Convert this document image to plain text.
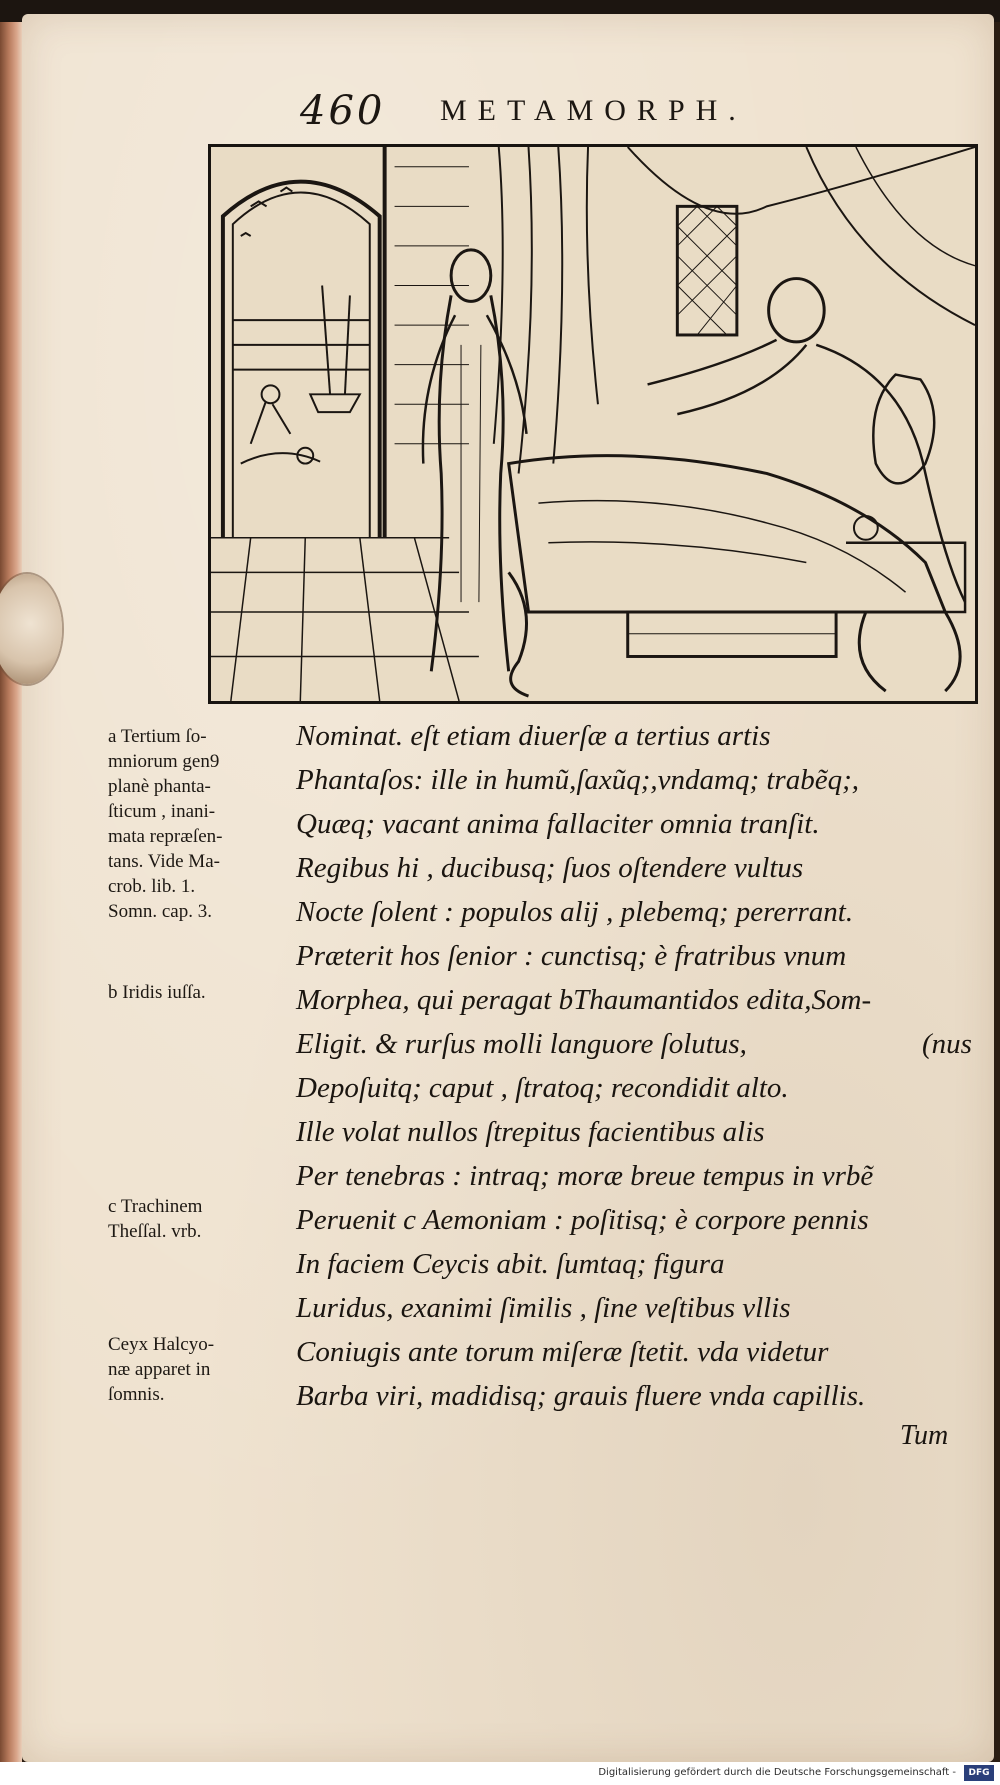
460 METAMORPH.
a Tertium ſo-
mniorum gen9
planè phanta-
ſticum , inani-
mata repræſen-
tans. Vide Ma-
crob. lib. 1.
Somn. cap. 3.
b Iridis iuſſa.
c Trachinem
Theſſal. vrb.
Ceyx Halcyo-
næ apparet in
ſomnis.
Nominat. eſt etiam diuerſæ a tertius artis
Phantaſos: ille in humũ,ſaxũq;,vndamq; trabẽq;,
Quæq; vacant anima fallaciter omnia tranſit.
Regibus hi , ducibusq; ſuos oſtendere vultus
Nocte ſolent : populos alij , plebemq; pererrant.
Præterit hos ſenior : cunctisq; è fratribus vnum
Morphea, qui peragat bThaumantidos edita,Som-
Eligit. & rurſus molli languore ſolutus,	(nus
Depoſuitq; caput , ſtratoq; recondidit alto.
Ille volat nullos ſtrepitus facientibus alis
Per tenebras : intraq; moræ breue tempus in vrbẽ
Peruenit c Aemoniam : poſitisq; è corpore pennis
In faciem Ceycis abit. ſumtaq; figura
Luridus, exanimi ſimilis , ſine veſtibus vllis
Coniugis ante torum miſeræ ſtetit. vda videtur
Barba viri, madidisq; grauis fluere vnda capillis.
Tum
Digitalisierung gefördert durch die Deutsche Forschungsgemeinschaft -	DFG
